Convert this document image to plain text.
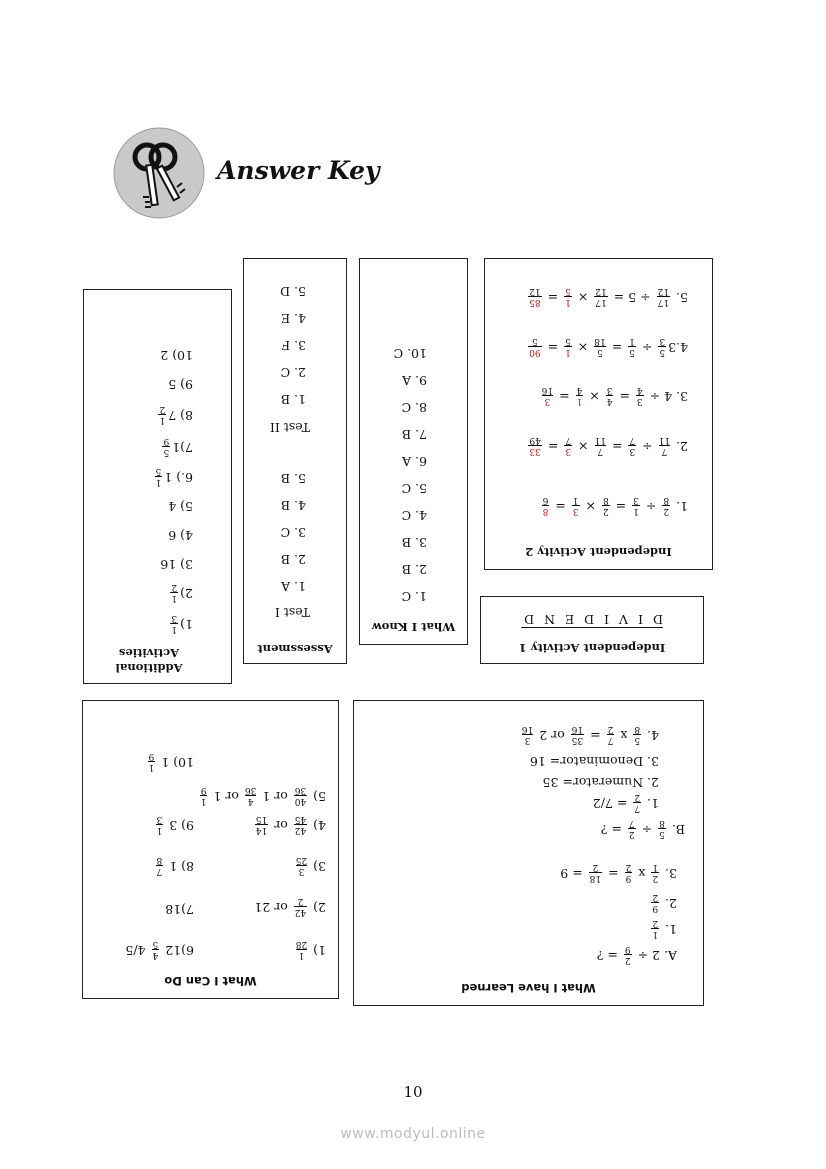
Answer Key
Additional
Activities
1)
1
3
2)
1
2
3) 16
4) 6
5) 4
6.) 1
1
5
7)1
5
9
8) 7
1
2
9) 5
10) 2
Assessment
Test I
1. A
2. B
3. C
4. B
5. B
Test II
1. B
2. C
3. F
4. E
5. D
What I Know
1. C
2. B
3. B
4. C
5. C
6. A
7. B
8. C
9. A
10. C
Independent Activity 2
1.
2
8
÷
1
3
=
2
8
×
3
1
=
8
6
2.
7
11
÷
3
7
=
7
11
×
3
7
=
33
49
3. 4 ÷
3
4
=
4
3
×
1
4
=
3
16
4.3
5
3
÷
5
1
=
5
18
×
1
5
=
90
5
5.
17
12
÷ 5 =
17
12
×
1
5
=
85
12
Independent Activity 1
D I V I D E N D
What I have Learned
A. 2 ÷
2
9
= ?
1.
1
2
2.
9
2
3.
2
1
x
9
2
=
18
2
= 9
B.
5
8
÷
2
7
= ?
1.
7
2
= 7/2
2. Numerator= 35
3. Denominator= 16
4.
5
8
x
7
2
=
35
16
or 2
3
16
What I Can Do
1)
1
28
2)
42
2
or 21
3)
3
25
4)
42
45
or
14
15
5)
40
36
or 1
4
36
or 1
1
9
6)12
4
5
4/5
7)18
8) 1
7
8
9) 3
1
3
10) 1
1
9
10
www.modyul.online
